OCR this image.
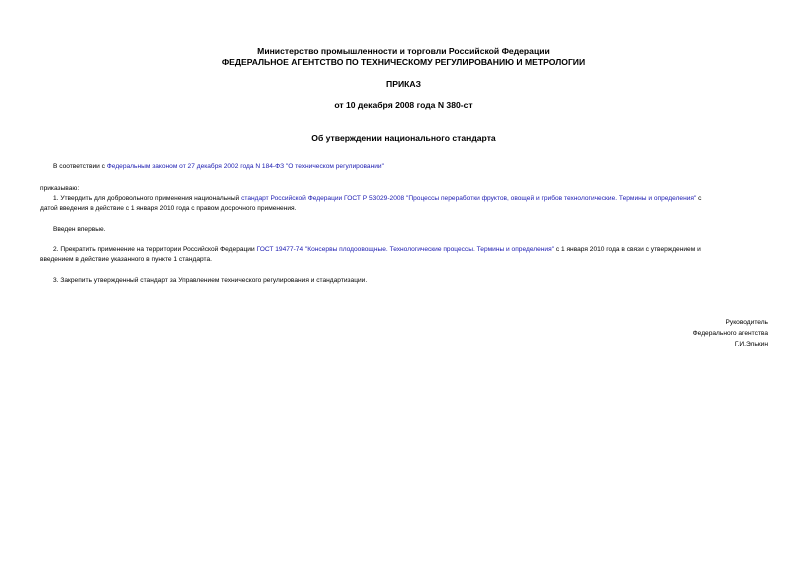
Министерство промышленности и торговли Российской Федерации
ФЕДЕРАЛЬНОЕ АГЕНТСТВО ПО ТЕХНИЧЕСКОМУ РЕГУЛИРОВАНИЮ И МЕТРОЛОГИИ
ПРИКАЗ
от 10 декабря 2008 года N 380-ст
Об утверждении национального стандарта
В соответствии с Федеральным законом от 27 декабря 2002 года N 184-ФЗ "О техническом регулировании"
приказываю:
1. Утвердить для добровольного применения национальный стандарт Российской Федерации ГОСТ Р 53029-2008 "Процессы переработки фруктов, овощей и грибов технологические. Термины и определения" с
датой введения в действие с 1 января 2010 года с правом досрочного применения.
Введен впервые.
2. Прекратить применение на территории Российской Федерации ГОСТ 19477-74 "Консервы плодоовощные. Технологические процессы. Термины и определения" с 1 января 2010 года в связи с утверждением и
введением в действие указанного в пункте 1 стандарта.
3. Закрепить утвержденный стандарт за Управлением технического регулирования и стандартизации.
Руководитель
Федерального агентства
Г.И.Элькин
